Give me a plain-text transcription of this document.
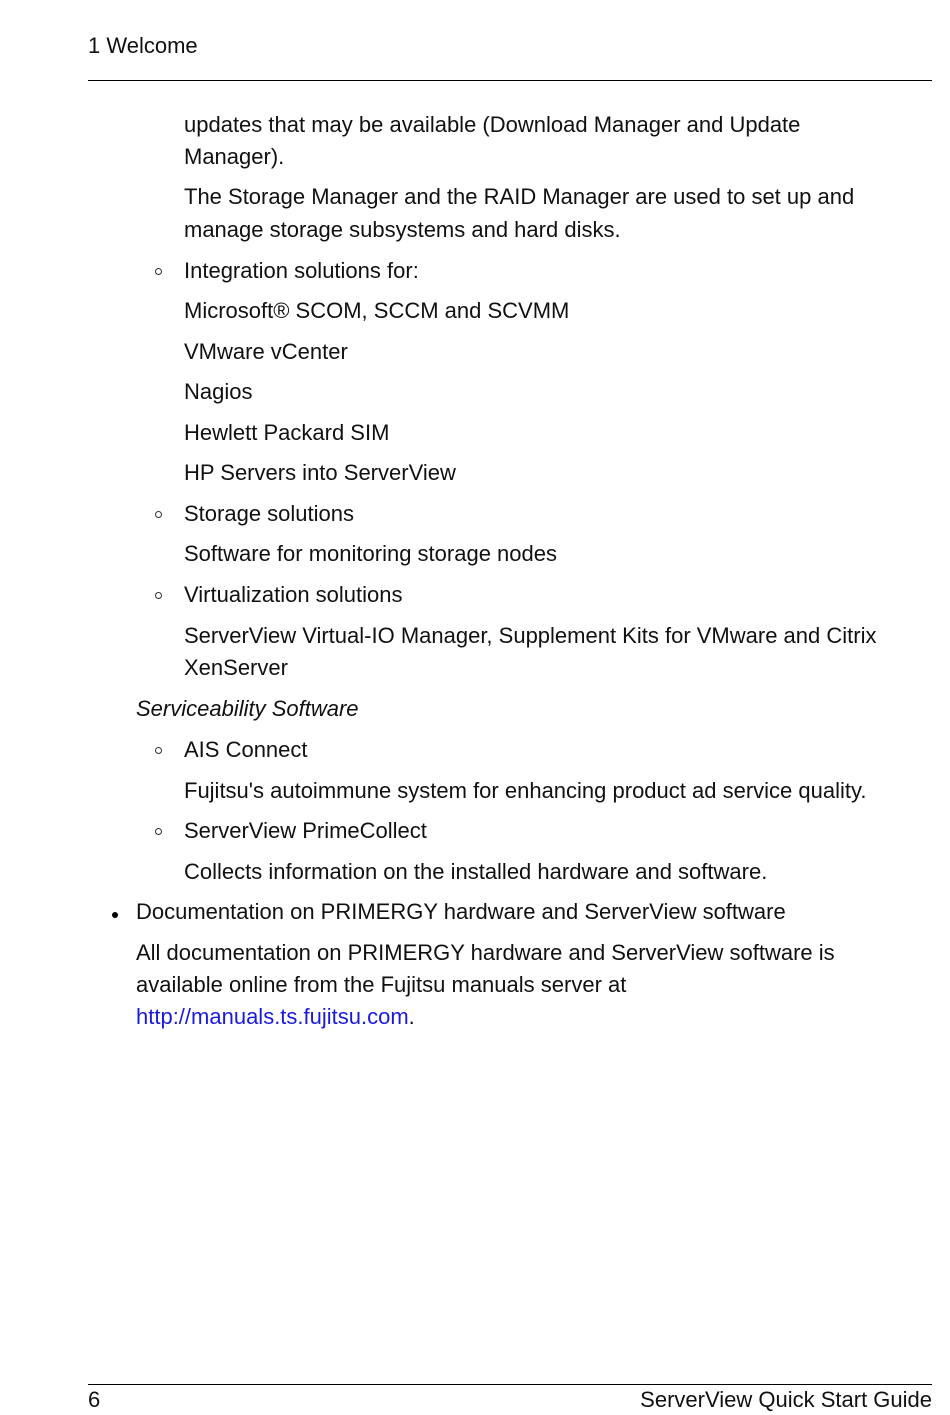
1 Welcome
updates that may be available (Download Manager and Update
Manager).
The Storage Manager and the RAID Manager are used to set up and
manage storage subsystems and hard disks.
Integration solutions for:
Microsoft® SCOM, SCCM and SCVMM
VMware vCenter
Nagios
Hewlett Packard SIM
HP Servers into ServerView
Storage solutions
Software for monitoring storage nodes
Virtualization solutions
ServerView Virtual-IO Manager, Supplement Kits for VMware and Citrix
XenServer
Serviceability Software
AIS Connect
Fujitsu's autoimmune system for enhancing product ad service quality.
ServerView PrimeCollect
Collects information on the installed hardware and software.
Documentation on PRIMERGY hardware and ServerView software
All documentation on PRIMERGY hardware and ServerView software is
available online from the Fujitsu manuals server at
http://manuals.ts.fujitsu.com.
6	ServerView Quick Start Guide
